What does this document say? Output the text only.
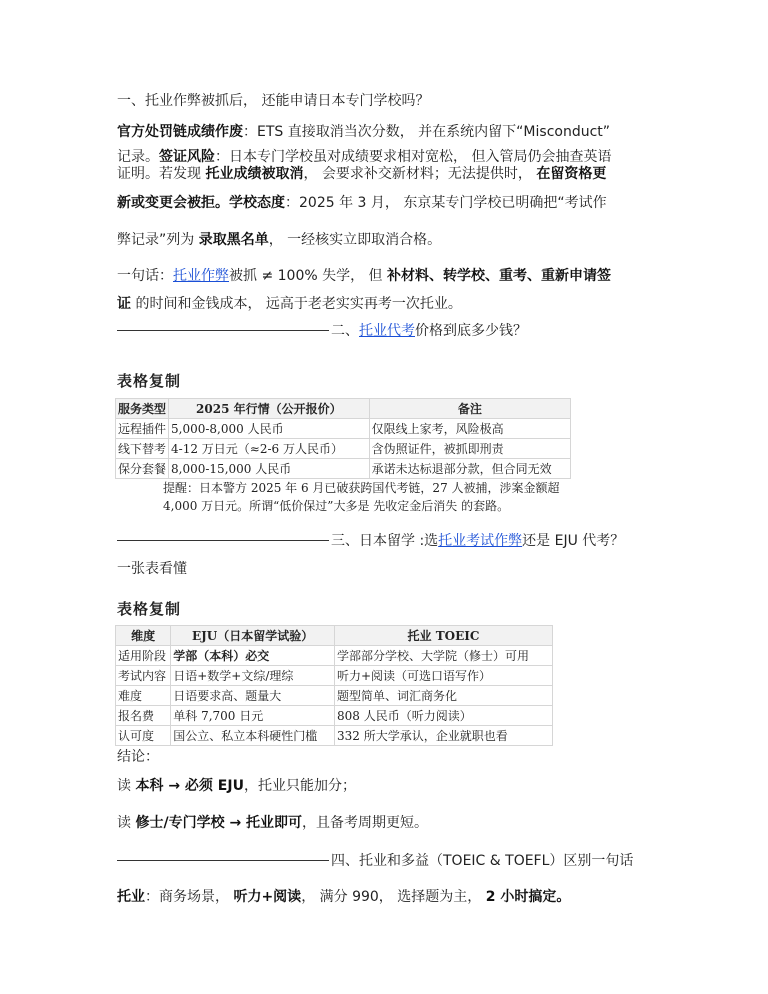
一、托业作弊被抓后， 还能申请日本专门学校吗？
官方处罚链成绩作废：ETS 直接取消当次分数， 并在系统内留下“Misconduct”
记录。签证风险：日本专门学校虽对成绩要求相对宽松， 但入管局仍会抽查英语
证明。若发现 托业成绩被取消， 会要求补交新材料；无法提供时， 在留资格更
新或变更会被拒。学校态度：2025 年 3 月， 东京某专门学校已明确把“考试作
弊记录”列为 录取黑名单， 一经核实立即取消合格。
一句话：托业作弊被抓 ≠ 100% 失学， 但 补材料、转学校、重考、重新申请签
证 的时间和金钱成本， 远高于老老实实再考一次托业。
二、托业代考价格到底多少钱？
表格复制
服务类型	2025 年行情（公开报价）	备注
远程插件	5,000-8,000 人民币	仅限线上家考，风险极高
线下替考	4-12 万日元（≈2-6 万人民币）	含伪照证件，被抓即刑责
保分套餐	8,000-15,000 人民币	承诺未达标退部分款，但合同无效
提醒：日本警方 2025 年 6 月已破获跨国代考链，27 人被捕，涉案金额超
4,000 万日元。所谓“低价保过”大多是 先收定金后消失 的套路。
三、日本留学 :选托业考试作弊还是 EJU 代考？
一张表看懂
表格复制
维度	EJU（日本留学试验）	托业 TOEIC
适用阶段	学部（本科）必交	学部部分学校、大学院（修士）可用
考试内容	日语+数学+文综/理综	听力+阅读（可选口语写作）
难度	日语要求高、题量大	题型简单、词汇商务化
报名费	单科 7,700 日元	808 人民币（听力阅读）
认可度	国公立、私立本科硬性门槛	332 所大学承认，企业就职也看
结论：
读 本科 → 必须 EJU，托业只能加分；
读 修士/专门学校 → 托业即可，且备考周期更短。
四、托业和多益（TOEIC & TOEFL）区别一句话
托业：商务场景， 听力+阅读， 满分 990， 选择题为主， 2 小时搞定。
